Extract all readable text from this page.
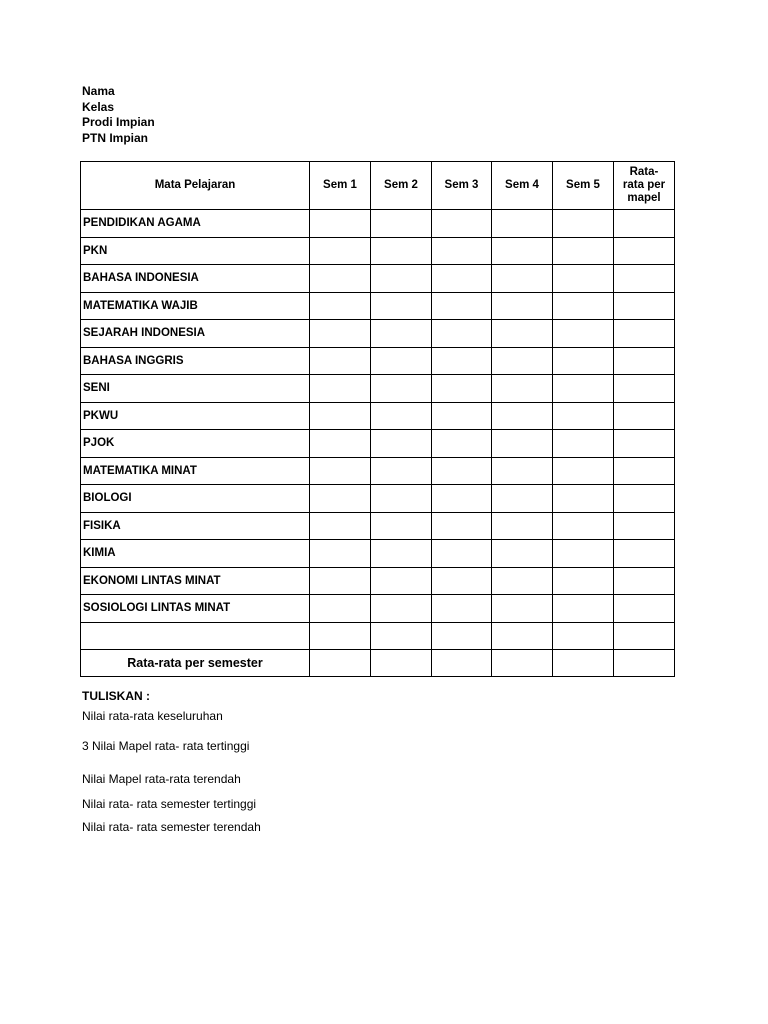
Nama
Kelas
Prodi Impian
PTN Impian
Mata Pelajaran	Sem 1	Sem 2	Sem 3	Sem 4	Sem 5	Rata-
rata per
mapel

PENDIDIKAN AGAMA						
PKN						
BAHASA INDONESIA						
MATEMATIKA WAJIB						
SEJARAH INDONESIA						
BAHASA INGGRIS						
SENI						
PKWU						
PJOK						
MATEMATIKA MINAT						
BIOLOGI						
FISIKA						
KIMIA						
EKONOMI LINTAS MINAT						
SOSIOLOGI LINTAS MINAT						

Rata-rata per semester						
TULISKAN :
Nilai rata-rata keseluruhan
3 Nilai Mapel rata- rata tertinggi
Nilai Mapel rata-rata terendah
Nilai rata- rata semester tertinggi
Nilai rata- rata semester terendah
